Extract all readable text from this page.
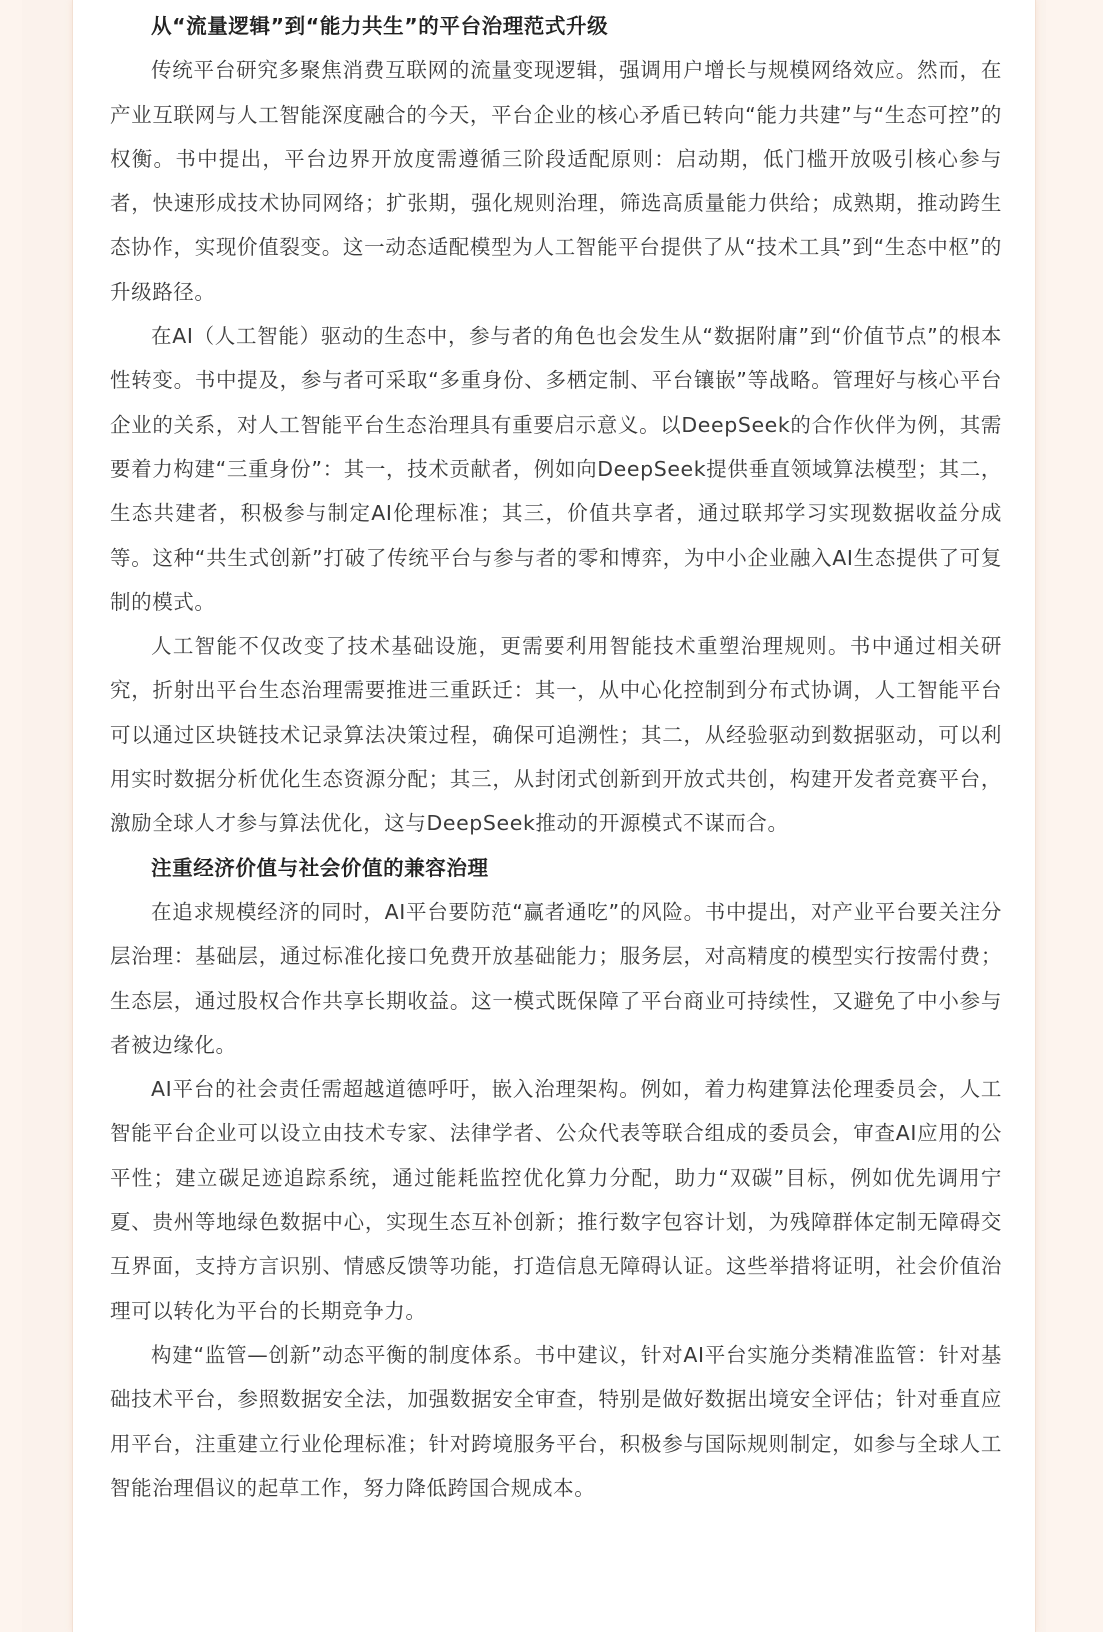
从“流量逻辑”到“能力共生”的平台治理范式升级

传统平台研究多聚焦消费互联网的流量变现逻辑，强调用户增长与规模网络效应。然而，在产业互联网与人工智能深度融合的今天，平台企业的核心矛盾已转向“能力共建”与“生态可控”的权衡。书中提出，平台边界开放度需遵循三阶段适配原则：启动期，低门槛开放吸引核心参与者，快速形成技术协同网络；扩张期，强化规则治理，筛选高质量能力供给；成熟期，推动跨生态协作，实现价值裂变。这一动态适配模型为人工智能平台提供了从“技术工具”到“生态中枢”的升级路径。

在AI（人工智能）驱动的生态中，参与者的角色也会发生从“数据附庸”到“价值节点”的根本性转变。书中提及，参与者可采取“多重身份、多栖定制、平台镶嵌”等战略。管理好与核心平台企业的关系，对人工智能平台生态治理具有重要启示意义。以DeepSeek的合作伙伴为例，其需要着力构建“三重身份”：其一，技术贡献者，例如向DeepSeek提供垂直领域算法模型；其二，生态共建者，积极参与制定AI伦理标准；其三，价值共享者，通过联邦学习实现数据收益分成等。这种“共生式创新”打破了传统平台与参与者的零和博弈，为中小企业融入AI生态提供了可复制的模式。

人工智能不仅改变了技术基础设施，更需要利用智能技术重塑治理规则。书中通过相关研究，折射出平台生态治理需要推进三重跃迁：其一，从中心化控制到分布式协调，人工智能平台可以通过区块链技术记录算法决策过程，确保可追溯性；其二，从经验驱动到数据驱动，可以利用实时数据分析优化生态资源分配；其三，从封闭式创新到开放式共创，构建开发者竞赛平台，激励全球人才参与算法优化，这与DeepSeek推动的开源模式不谋而合。

注重经济价值与社会价值的兼容治理

在追求规模经济的同时，AI平台要防范“赢者通吃”的风险。书中提出，对产业平台要关注分层治理：基础层，通过标准化接口免费开放基础能力；服务层，对高精度的模型实行按需付费；生态层，通过股权合作共享长期收益。这一模式既保障了平台商业可持续性，又避免了中小参与者被边缘化。

AI平台的社会责任需超越道德呼吁，嵌入治理架构。例如，着力构建算法伦理委员会，人工智能平台企业可以设立由技术专家、法律学者、公众代表等联合组成的委员会，审查AI应用的公平性；建立碳足迹追踪系统，通过能耗监控优化算力分配，助力“双碳”目标，例如优先调用宁夏、贵州等地绿色数据中心，实现生态互补创新；推行数字包容计划，为残障群体定制无障碍交互界面，支持方言识别、情感反馈等功能，打造信息无障碍认证。这些举措将证明，社会价值治理可以转化为平台的长期竞争力。

构建“监管—创新”动态平衡的制度体系。书中建议，针对AI平台实施分类精准监管：针对基础技术平台，参照数据安全法，加强数据安全审查，特别是做好数据出境安全评估；针对垂直应用平台，注重建立行业伦理标准；针对跨境服务平台，积极参与国际规则制定，如参与全球人工智能治理倡议的起草工作，努力降低跨国合规成本。
